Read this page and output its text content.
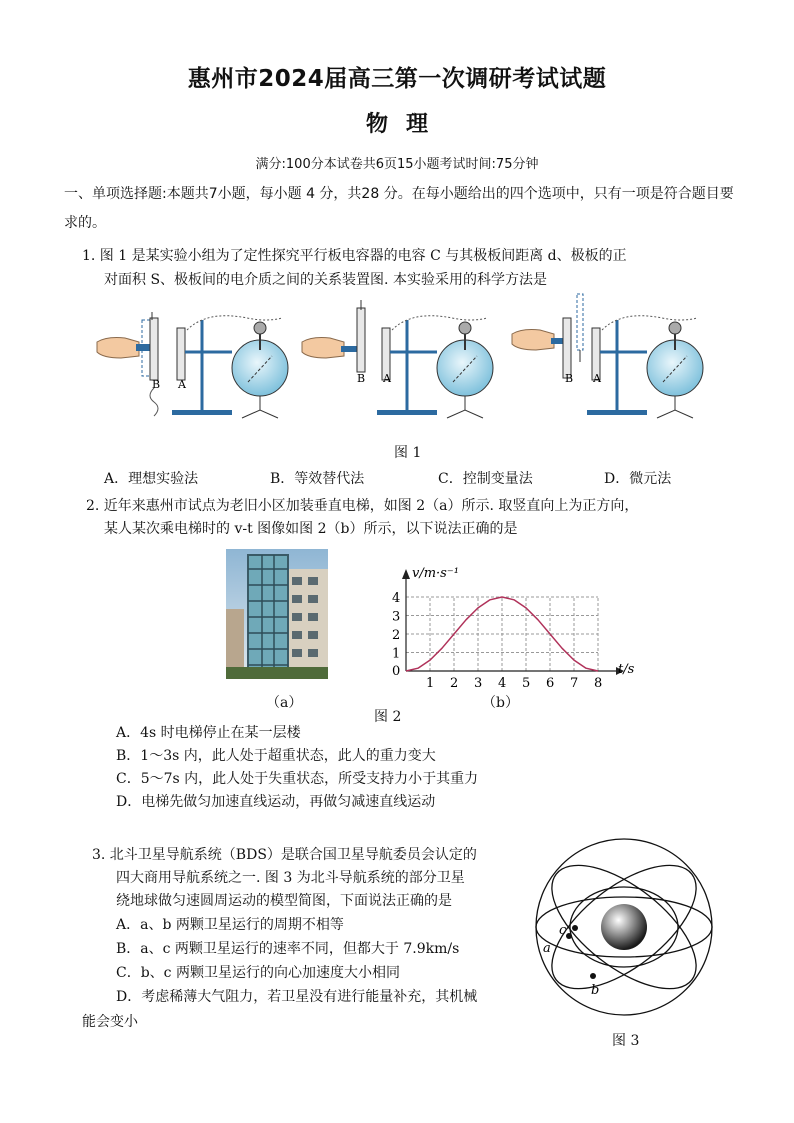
惠州市2024届高三第一次调研考试试题
物理
满分:100分本试卷共6页15小题考试时间:75分钟
一、单项选择题:本题共7小题，每小题 4 分，共28 分。在每小题给出的四个选项中，只有一项是符合题目要求的。
1. 图 1 是某实验小组为了定性探究平行板电容器的电容 C 与其极板间距离 d、极板的正
对面积 S、极板间的电介质之间的关系装置图. 本实验采用的科学方法是
B A	B A	B A
图 1
A．理想实验法	B．等效替代法	C．控制变量法	D．微元法
2. 近年来惠州市试点为老旧小区加装垂直电梯，如图 2（a）所示. 取竖直向上为正方向，
某人某次乘电梯时的 v-t 图像如图 2（b）所示，以下说法正确的是
（a）
v/m·s⁻¹
t/s
0
1 2 3 4 5 6 7 8
1
2
3
4
（b）
图 2
A．4s 时电梯停止在某一层楼
B．1～3s 内，此人处于超重状态，此人的重力变大
C．5～7s 内，此人处于失重状态，所受支持力小于其重力
D．电梯先做匀加速直线运动，再做匀减速直线运动
3. 北斗卫星导航系统（BDS）是联合国卫星导航委员会认定的
四大商用导航系统之一. 图 3 为北斗导航系统的部分卫星
绕地球做匀速圆周运动的模型简图，下面说法正确的是
A．a、b 两颗卫星运行的周期不相等
B．a、c 两颗卫星运行的速率不同，但都大于 7.9km/s
C．b、c 两颗卫星运行的向心加速度大小相同
D．考虑稀薄大气阻力，若卫星没有进行能量补充，其机械
能会变小
c
a
b
图 3
